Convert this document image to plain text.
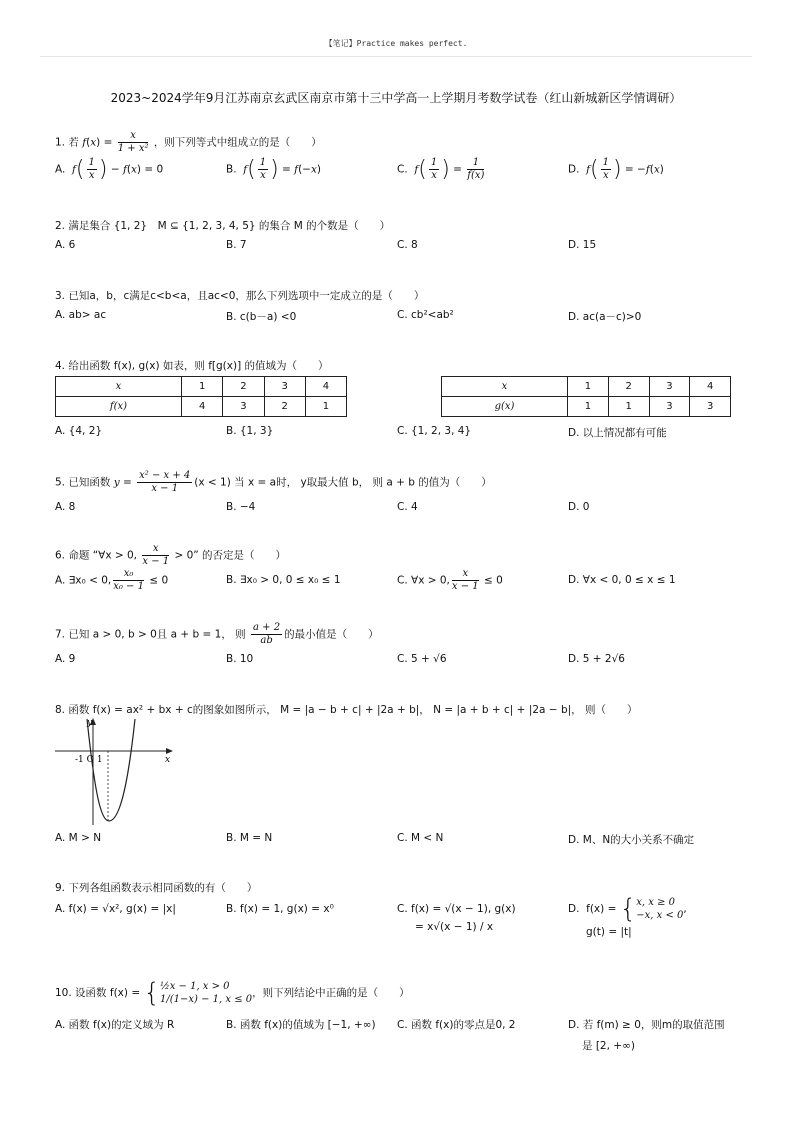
【笔记】Practice makes perfect.
2023~2024学年9月江苏南京玄武区南京市第十三中学高一上学期月考数学试卷（红山新城新区学情调研）
1. 若 $f(x) = \frac{x}{\text{1 + x²}}$ ，则下列等式中组成立的是（　　）
A. $f( \frac{1}{x}$ ) − f(x) = 0	B. $f( \frac{1}{x}$ ) = f(−x)	C. $f( \frac{1}{x}$ ) = $\frac{1}{f(x)}$	D. $f( \frac{1}{x}$ ) = −f(x)
2. 满足集合 {1, 2}　M ⊆ {1, 2, 3, 4, 5} 的集合 M 的个数是（　　）
A. 6	B. 7	C. 8	D. 15
3. 已知a，b，c满足c<b<a，且ac<0，那么下列选项中一定成立的是（　　）
A. ab> ac	B. c(b－a) <0	C. cb²<ab²	D. ac(a－c)>0
4. 给出函数 f(x), g(x) 如表，则 f[g(x)] 的值域为（　　）
x	1	2	3	4
f(x)	4	3	2	1
x	1	2	3	4
g(x)	1	1	3	3
A. {4, 2}	B. {1, 3}	C. {1, 2, 3, 4}	D. 以上情况都有可能
5. 已知函数 $y = \frac{\text{x² − x + 4}}{x - 1} (x < 1)$ 当 x = a时， y取最大值 b， 则 a + b 的值为（　　）
A. 8	B. −4	C. 4	D. 0
6. 命题 “∀x > 0, $\frac{x}{x - 1} > 0$” 的否定是（　　）
A. ∃x₀ < 0, $\frac{\text{x₀}}{\text{x₀ − 1}} \le 0$	B. ∃x₀ > 0, 0 ≤ x₀ ≤ 1	C. ∀x > 0, $\frac{x}{x - 1} \le 0$	D. ∀x < 0, 0 ≤ x ≤ 1
7. 已知 a > 0, b > 0且 a + b = 1， 则 $\frac{a + 2}{ab}$ 的最小值是（　　）
A. 9	B. 10	C. 5 + √6	D. 5 + 2√6
8. 函数 f(x) = ax² + bx + c的图象如图所示， M = |a − b + c| + |2a + b|， N = |a + b + c| + |2a − b|， 则（　　）
y
x
-1 O 1
A. M > N	B. M = N	C. M < N	D. M、N的大小关系不确定
9. 下列各组函数表示相同函数的有（　　）
A. f(x) = √x², g(x) = |x|	B. f(x) = 1, g(x) = x⁰	C. f(x) = √(x − 1), g(x)
= x√(x − 1) / x
D. f(x) = { x, x ≥ 0
−x, x < 0
,
g(t) = |t|
10. 设函数 f(x) = { ½x − 1, x > 0
1/(1−x) − 1, x ≤ 0
，则下列结论中正确的是（　　）
A. 函数 f(x)的定义域为 R	B. 函数 f(x)的值域为 [−1, +∞) C. 函数 f(x)的零点是0, 2	D. 若 f(m) ≥ 0，则m的取值范围
是 [2, +∞)
